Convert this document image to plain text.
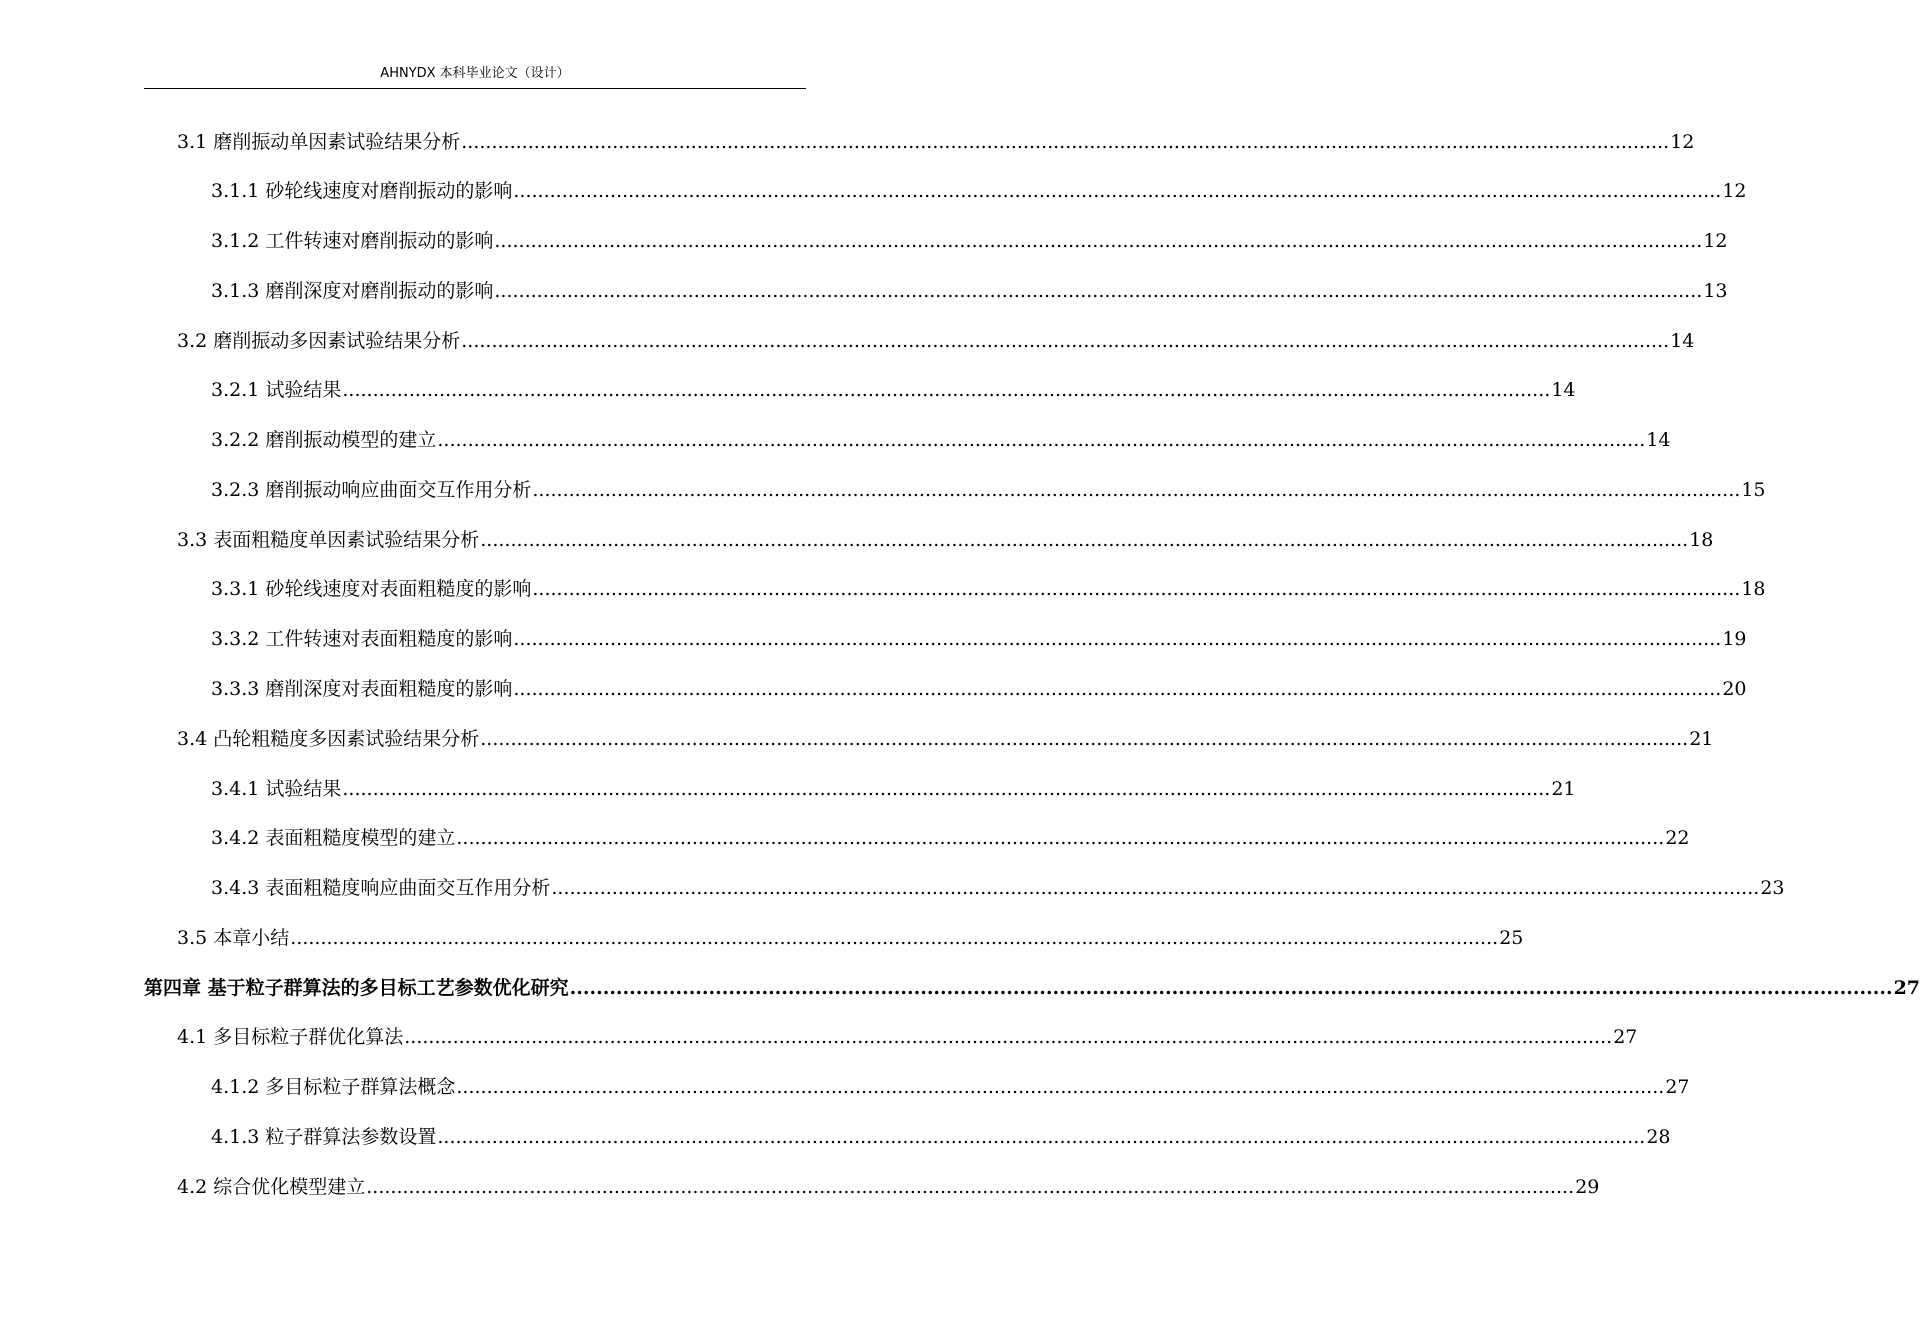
AHNYDX 本科毕业论文（设计）
3.1 磨削振动单因素试验结果分析 ........................................................................................................................................................................................................ 12
3.1.1 砂轮线速度对磨削振动的影响 ........................................................................................................................................................................................................ 12
3.1.2 工件转速对磨削振动的影响 ........................................................................................................................................................................................................ 12
3.1.3 磨削深度对磨削振动的影响 ........................................................................................................................................................................................................ 13
3.2 磨削振动多因素试验结果分析 ........................................................................................................................................................................................................ 14
3.2.1 试验结果 ........................................................................................................................................................................................................ 14
3.2.2 磨削振动模型的建立 ........................................................................................................................................................................................................ 14
3.2.3 磨削振动响应曲面交互作用分析 ........................................................................................................................................................................................................ 15
3.3 表面粗糙度单因素试验结果分析 ........................................................................................................................................................................................................ 18
3.3.1 砂轮线速度对表面粗糙度的影响 ........................................................................................................................................................................................................ 18
3.3.2 工件转速对表面粗糙度的影响 ........................................................................................................................................................................................................ 19
3.3.3 磨削深度对表面粗糙度的影响 ........................................................................................................................................................................................................ 20
3.4 凸轮粗糙度多因素试验结果分析 ........................................................................................................................................................................................................ 21
3.4.1 试验结果 ........................................................................................................................................................................................................ 21
3.4.2 表面粗糙度模型的建立 ........................................................................................................................................................................................................ 22
3.4.3 表面粗糙度响应曲面交互作用分析 ........................................................................................................................................................................................................ 23
3.5 本章小结 ........................................................................................................................................................................................................ 25
第四章 基于粒子群算法的多目标工艺参数优化研究 ........................................................................................................................................................................................................ 27
4.1 多目标粒子群优化算法 ........................................................................................................................................................................................................ 27
4.1.2 多目标粒子群算法概念 ........................................................................................................................................................................................................ 27
4.1.3 粒子群算法参数设置 ........................................................................................................................................................................................................ 28
4.2 综合优化模型建立 ........................................................................................................................................................................................................ 29
